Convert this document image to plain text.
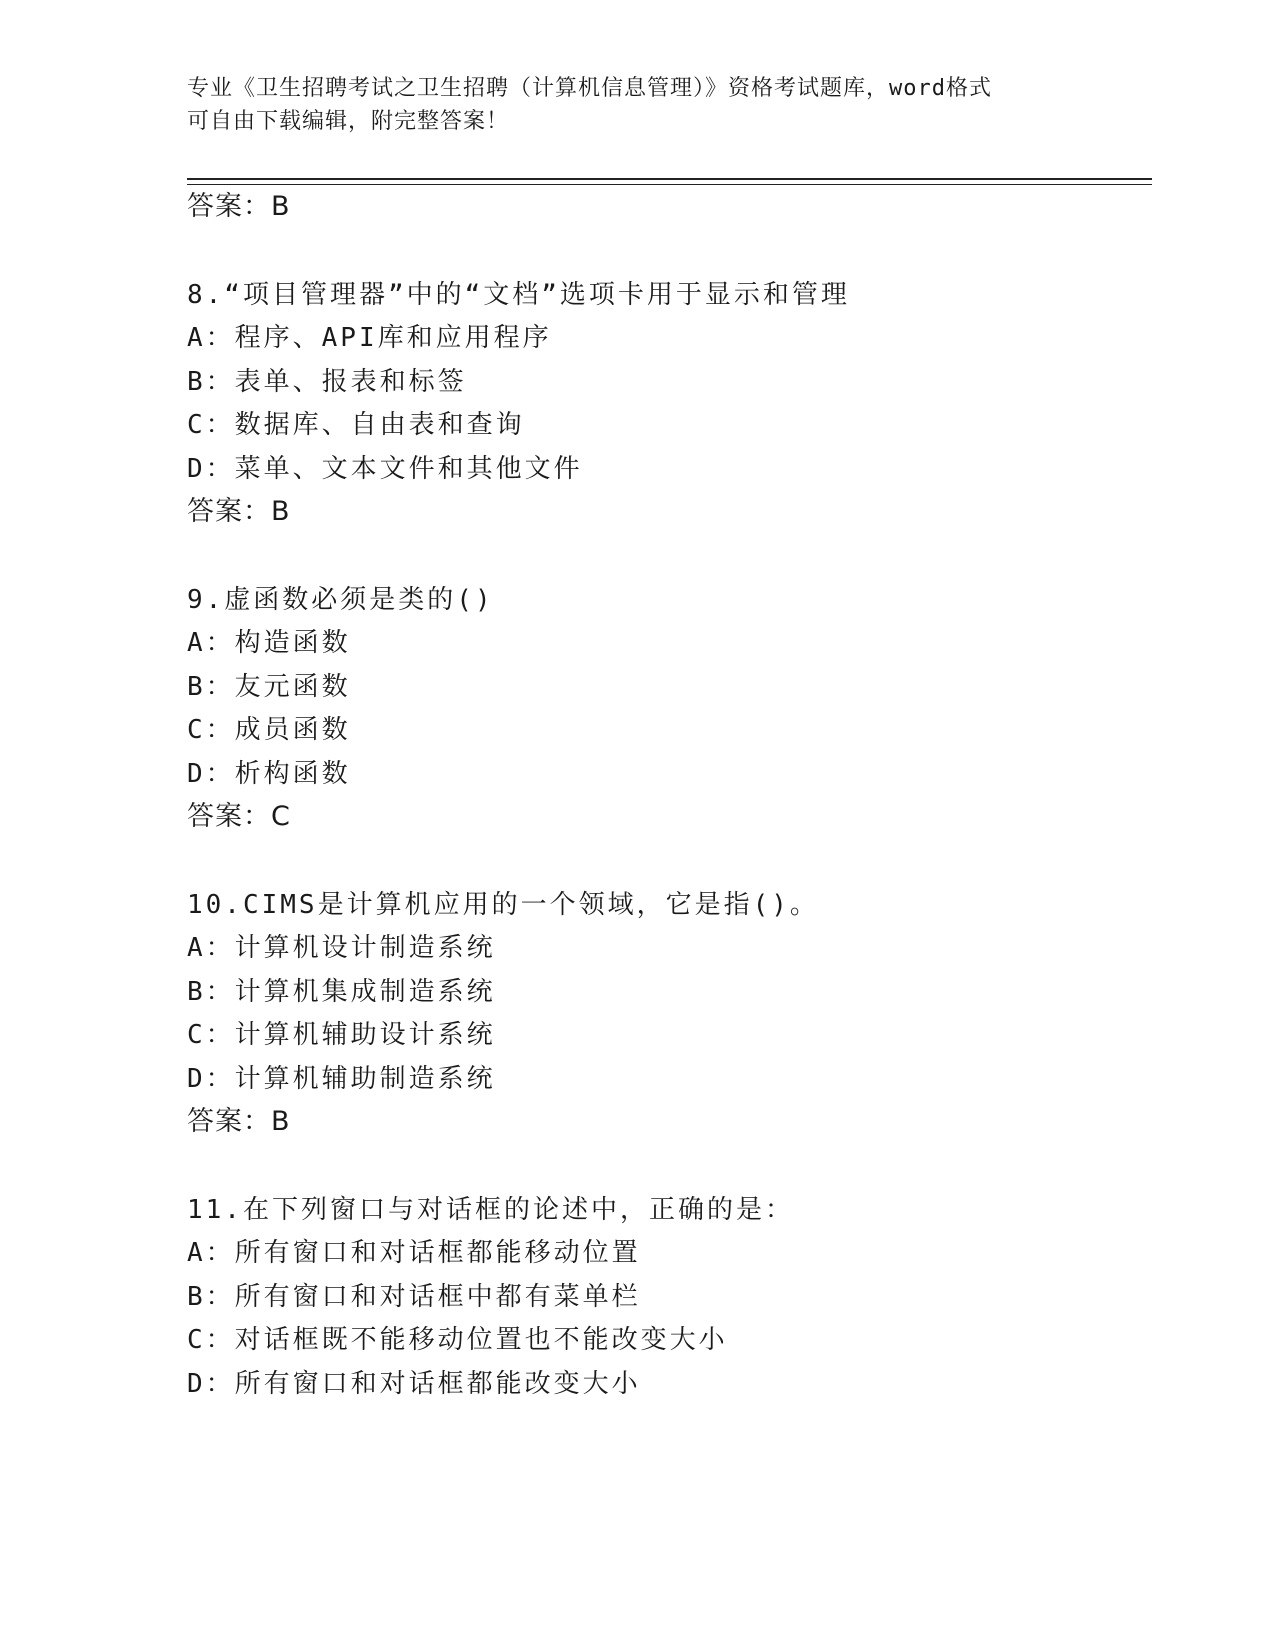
专业《卫生招聘考试之卫生招聘（计算机信息管理）》资格考试题库，word格式
可自由下载编辑，附完整答案！
答案：B
8.“项目管理器”中的“文档”选项卡用于显示和管理
A：程序、API库和应用程序
B：表单、报表和标签
C：数据库、自由表和查询
D：菜单、文本文件和其他文件
答案：B
9.虚函数必须是类的()
A：构造函数
B：友元函数
C：成员函数
D：析构函数
答案：C
10.CIMS是计算机应用的一个领域，它是指()。
A：计算机设计制造系统
B：计算机集成制造系统
C：计算机辅助设计系统
D：计算机辅助制造系统
答案：B
11.在下列窗口与对话框的论述中，正确的是：
A：所有窗口和对话框都能移动位置
B：所有窗口和对话框中都有菜单栏
C：对话框既不能移动位置也不能改变大小
D：所有窗口和对话框都能改变大小
